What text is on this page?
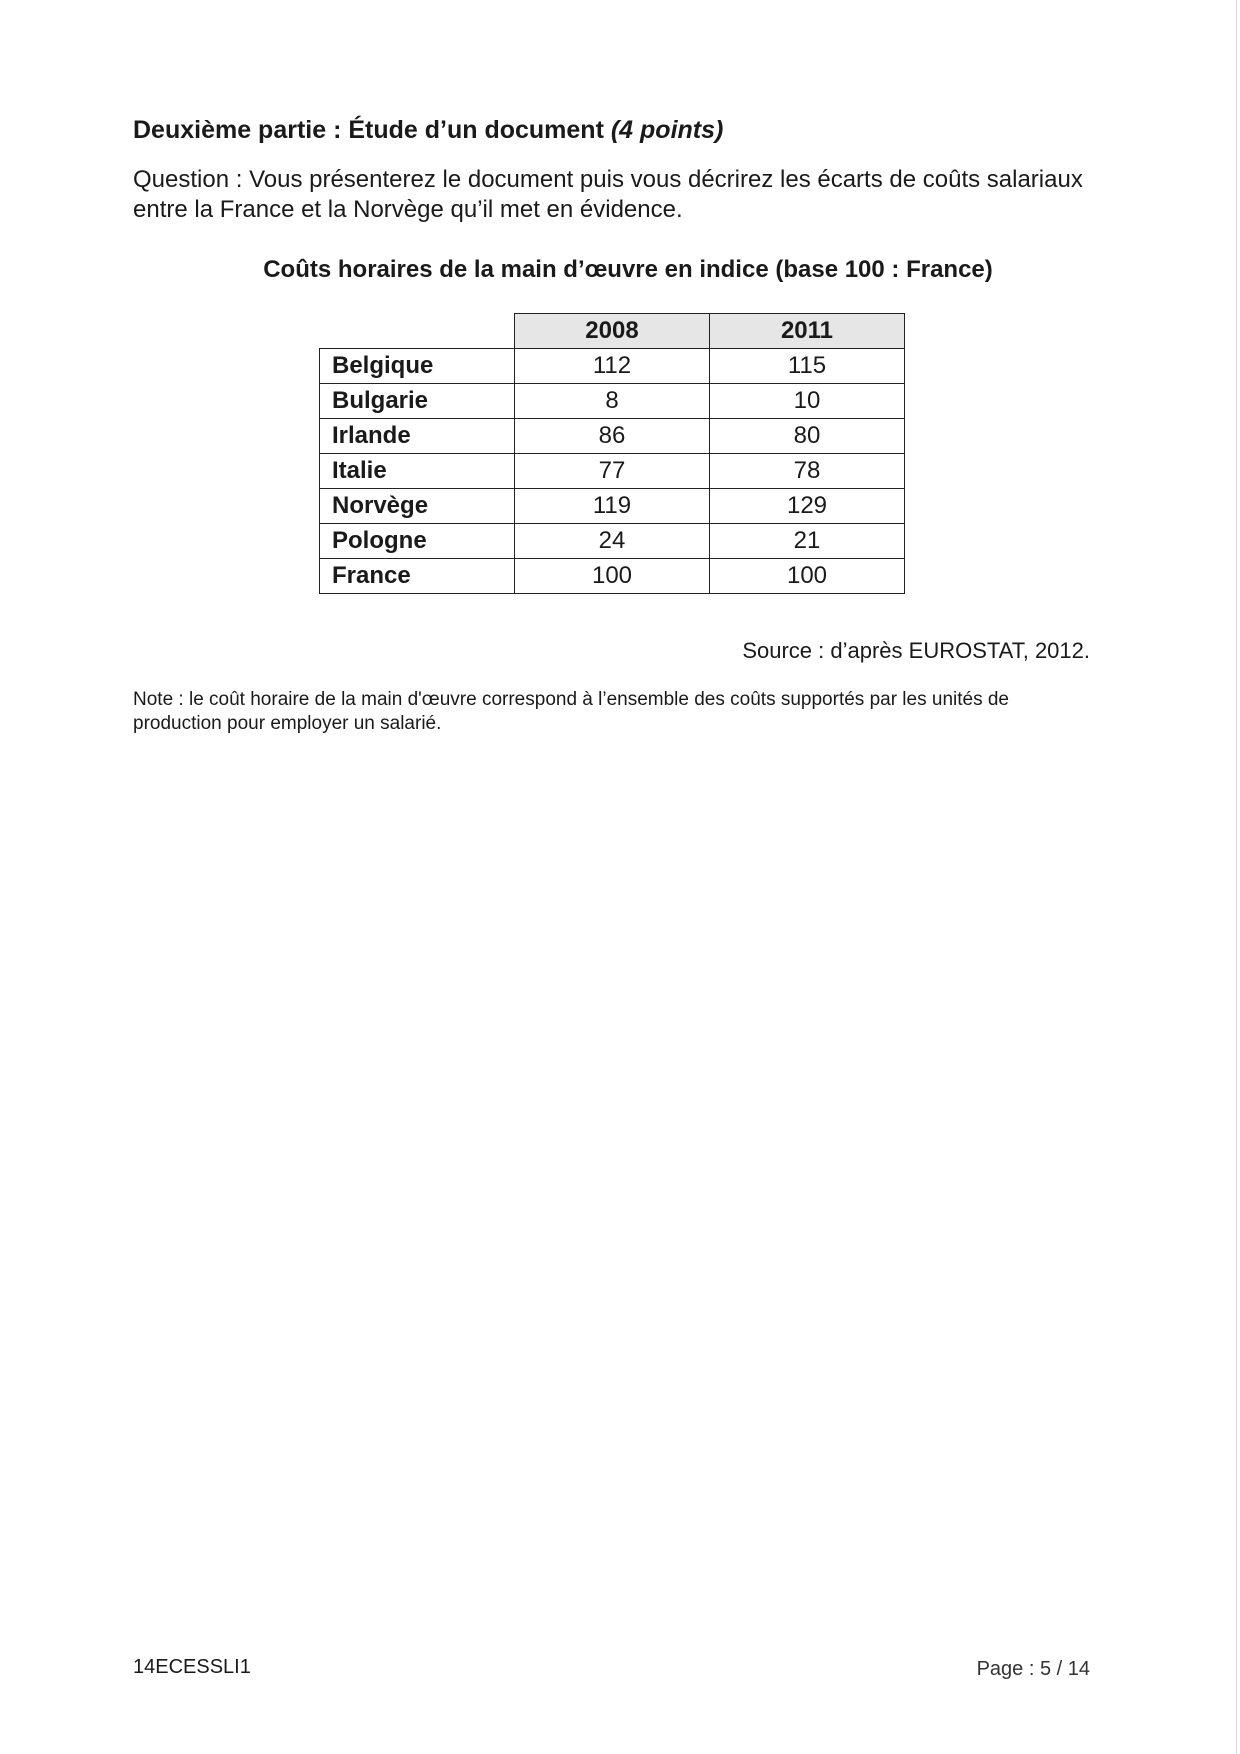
Deuxième partie : Étude d’un document (4 points)
Question : Vous présenterez le document puis vous décrirez les écarts de coûts salariaux entre la France et la Norvège qu’il met en évidence.
Coûts horaires de la main d’œuvre en indice (base 100 : France)
	2008	2011
Belgique	112	115
Bulgarie	8	10
Irlande	86	80
Italie	77	78
Norvège	119	129
Pologne	24	21
France	100	100
Source : d’après EUROSTAT, 2012.
Note : le coût horaire de la main d'œuvre correspond à l’ensemble des coûts supportés par les unités de production pour employer un salarié.
14ECESSLI1	Page : 5 / 14
